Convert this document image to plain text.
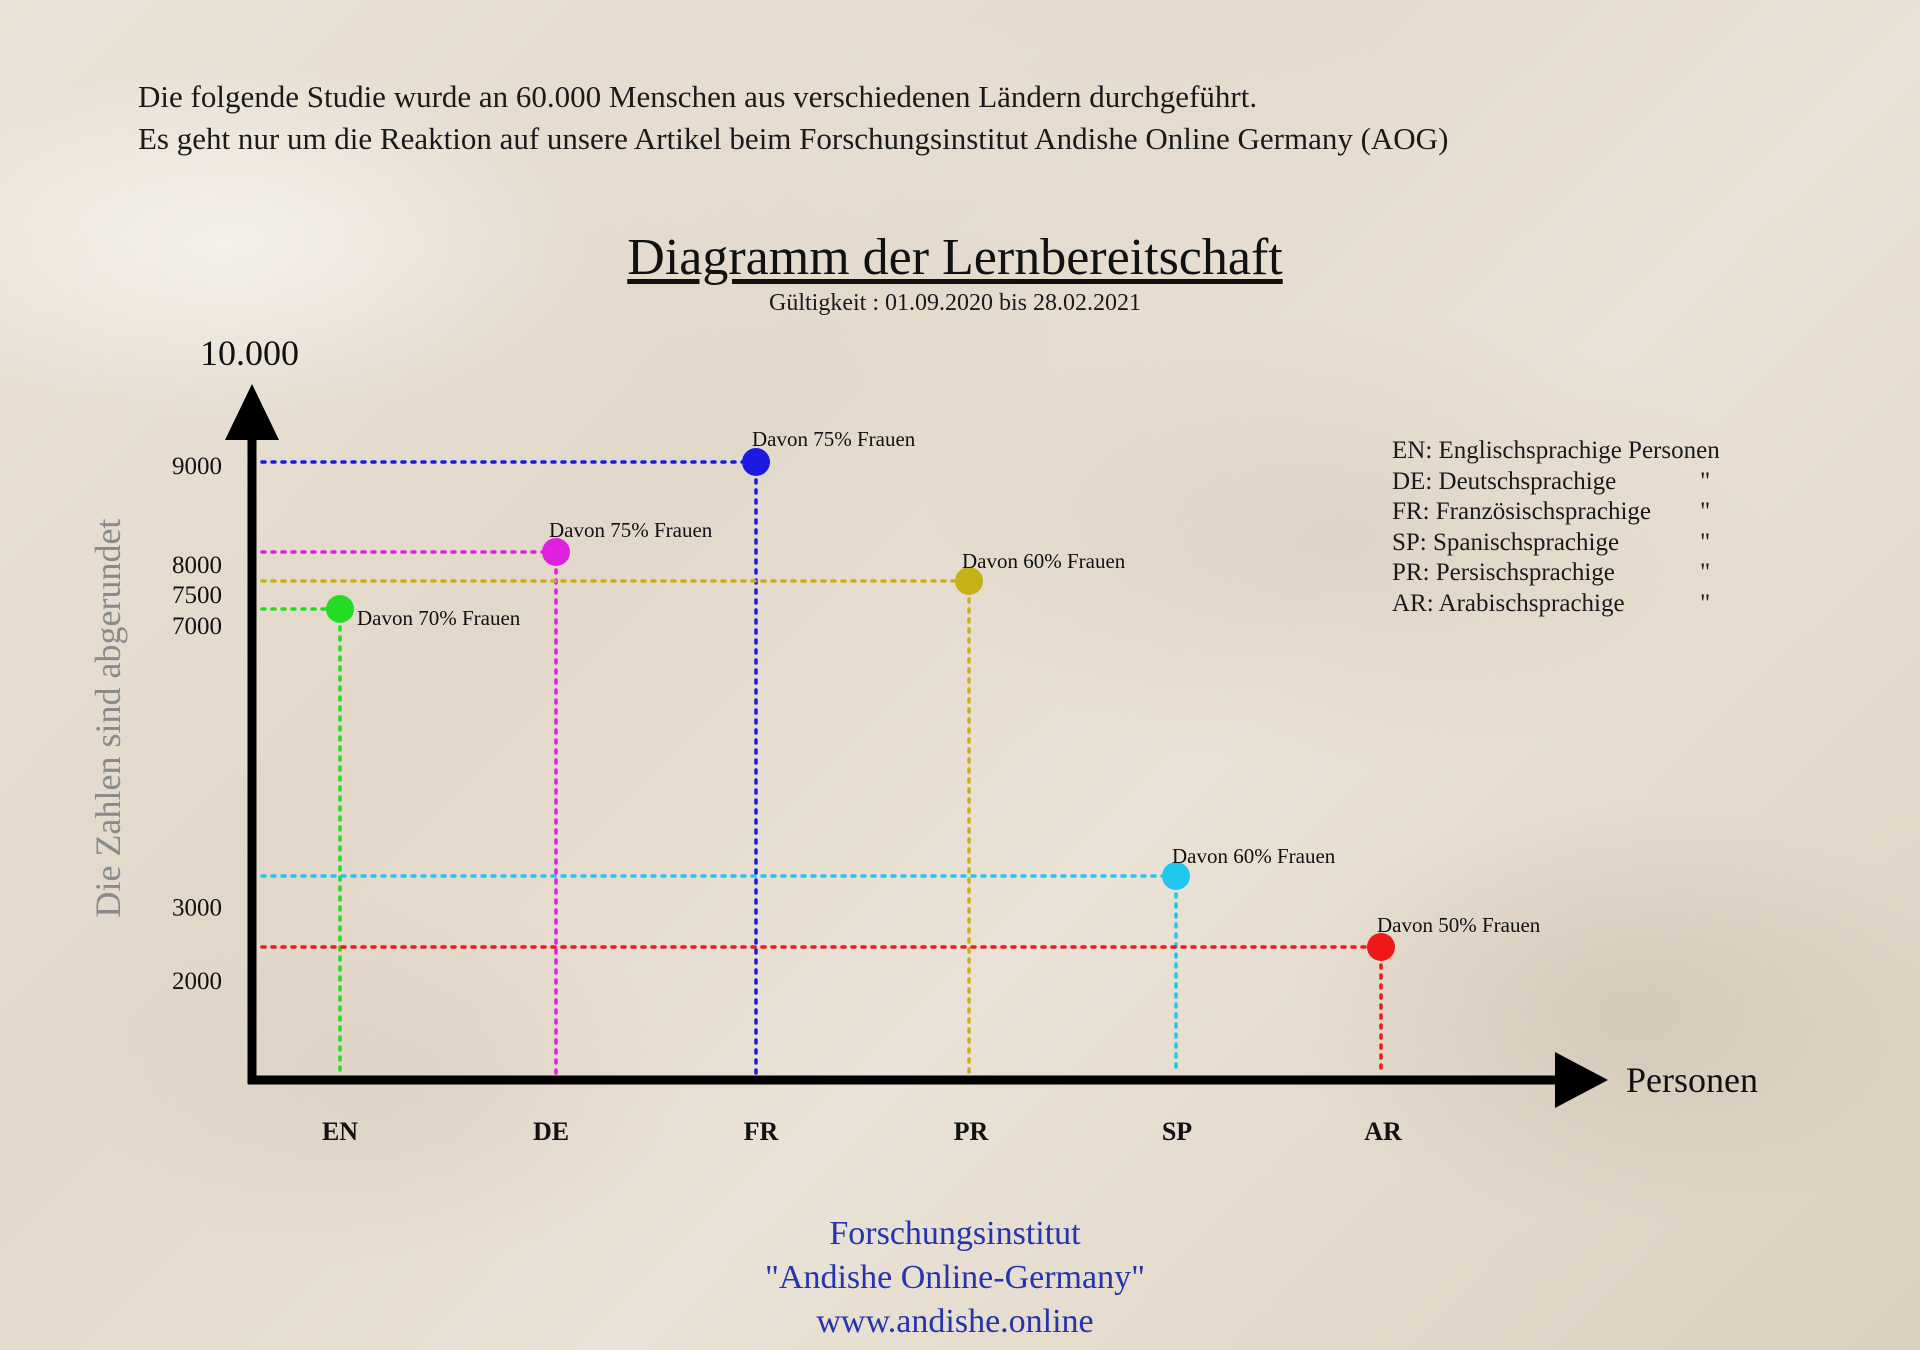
Die folgende Studie wurde an 60.000 Menschen aus verschiedenen Ländern durchgeführt.
Es geht nur um die Reaktion auf unsere Artikel beim Forschungsinstitut Andishe Online Germany (AOG)
Diagramm der Lernbereitschaft
Gültigkeit : 01.09.2020 bis 28.02.2021
10.000
Personen
Die Zahlen sind abgerundet
9000
8000
7500
7000
3000
2000
EN	DE	FR	PR	SP	AR
Davon 70% Frauen
Davon 75% Frauen
Davon 75% Frauen
Davon 60% Frauen
Davon 60% Frauen
Davon 50% Frauen
EN: Englischsprachige Personen
DE: Deutschsprachige	"
FR: Französischsprachige "
SP: Spanischsprachige	"
PR: Persischsprachige	"
AR: Arabischsprachige	"
Forschungsinstitut
"Andishe Online-Germany"
www.andishe.online
